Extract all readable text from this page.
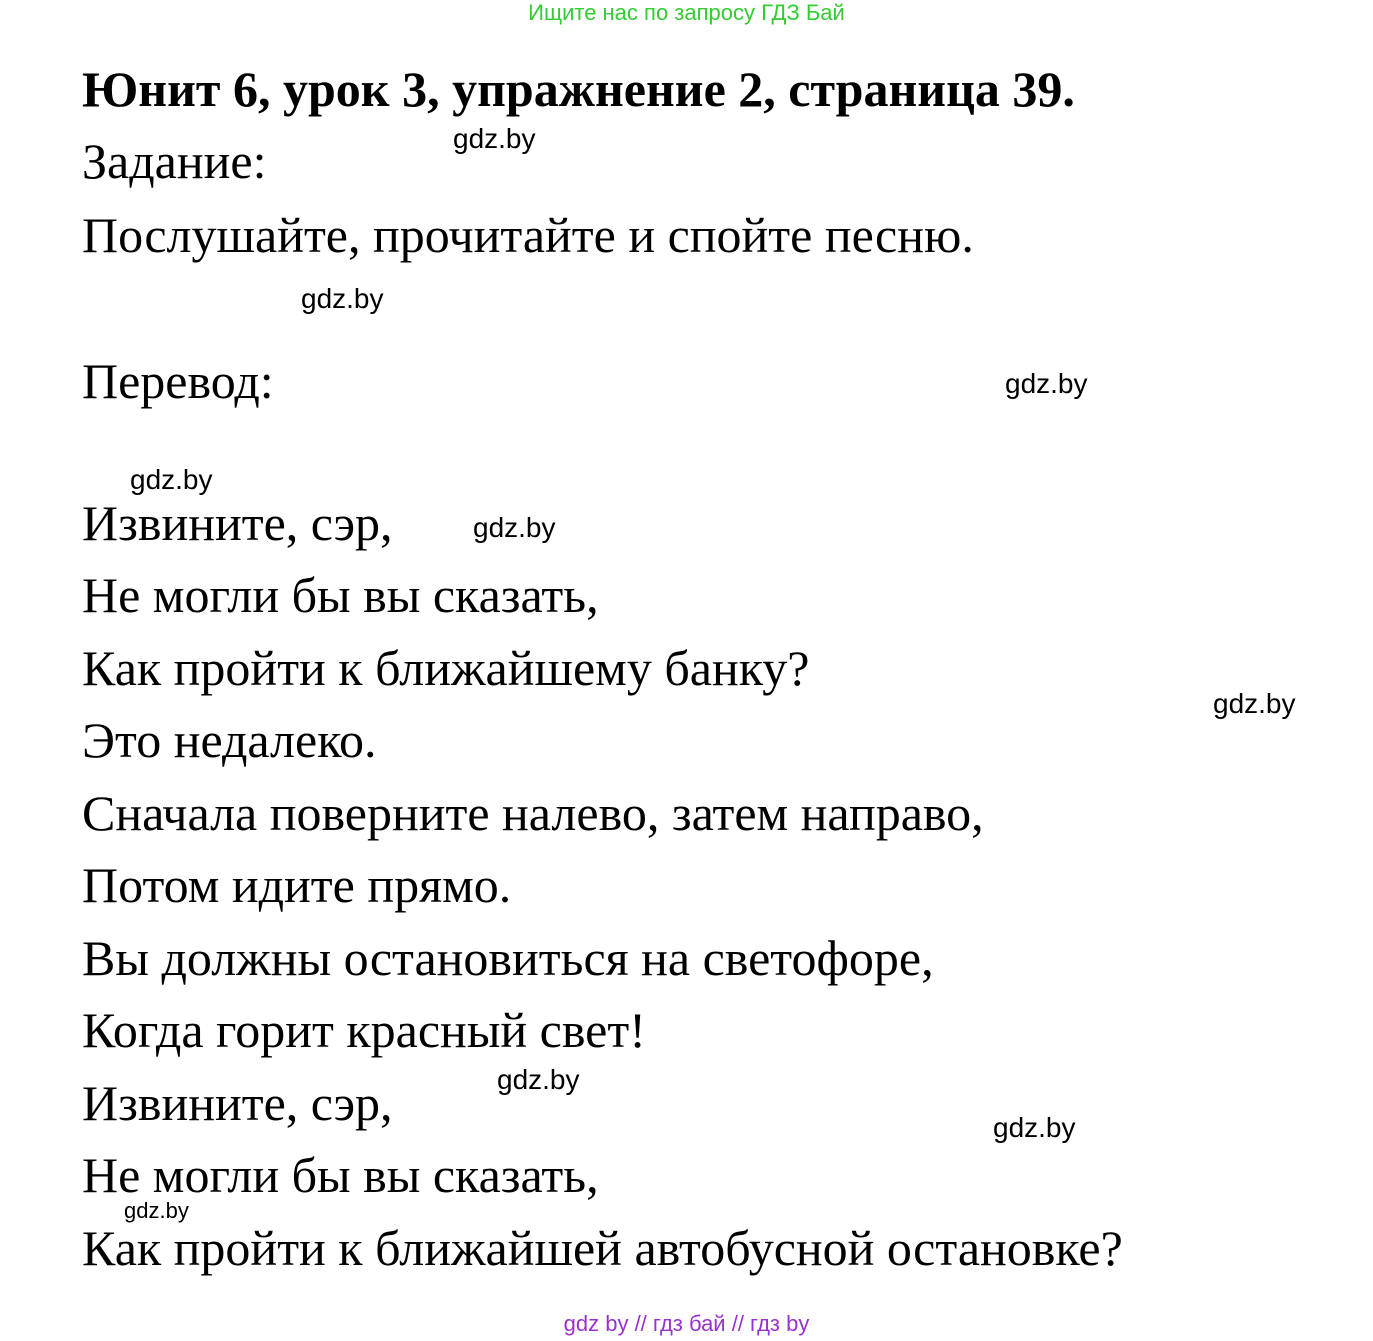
Ищите нас по запросу ГДЗ Бай
Юнит 6, урок 3, упражнение 2, страница 39.
Задание:
Послушайте, прочитайте и спойте песню.
Перевод:
Извините, сэр,
Не могли бы вы сказать,
Как пройти к ближайшему банку?
Это недалеко.
Сначала поверните налево, затем направо,
Потом идите прямо.
Вы должны остановиться на светофоре,
Когда горит красный свет!
Извините, сэр,
Не могли бы вы сказать,
Как пройти к ближайшей автобусной остановке?
gdz.by
gdz.by
gdz.by
gdz.by
gdz.by
gdz.by
gdz.by
gdz.by
gdz.by
gdz by // гдз бай // гдз by
